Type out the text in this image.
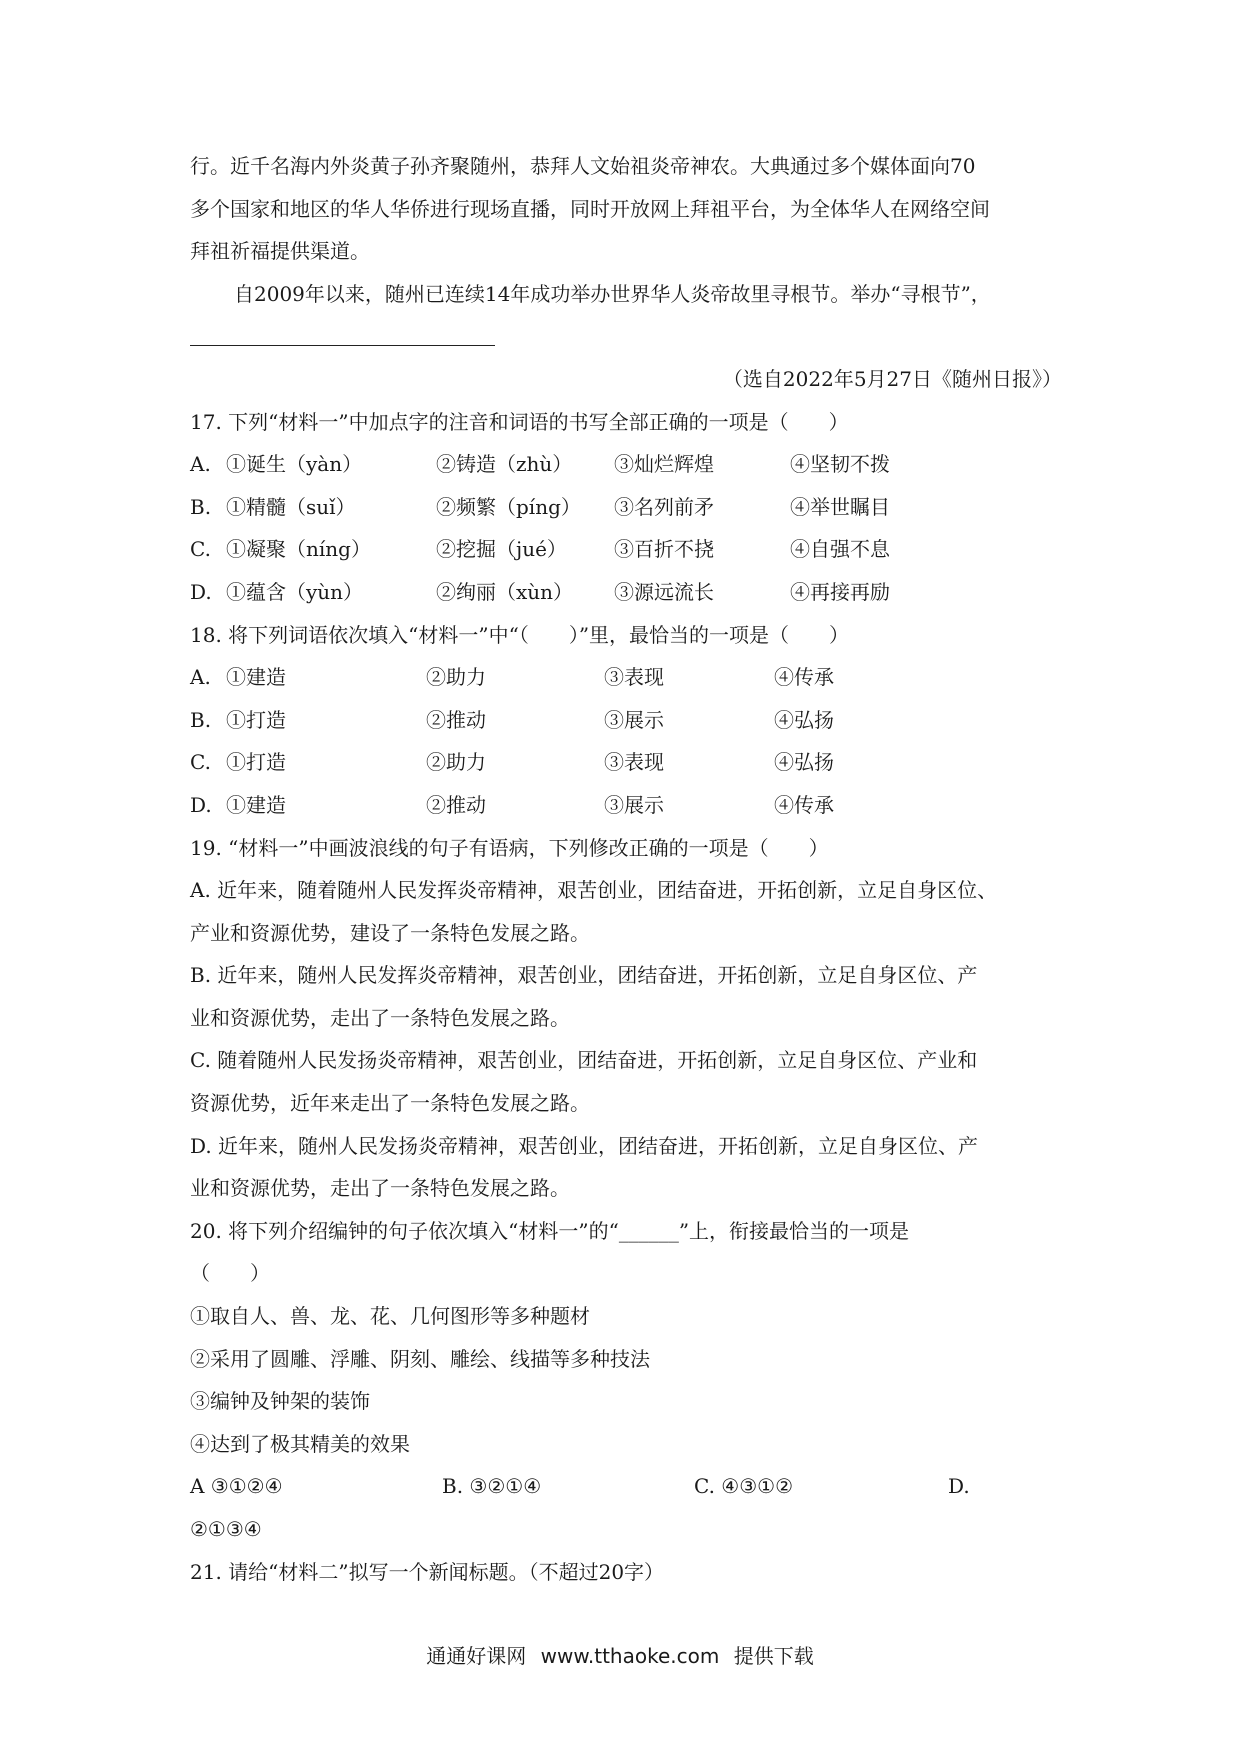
行。近千名海内外炎黄子孙齐聚随州，恭拜人文始祖炎帝神农。大典通过多个媒体面向70
多个国家和地区的华人华侨进行现场直播，同时开放网上拜祖平台，为全体华人在网络空间
拜祖祈福提供渠道。
自2009年以来，随州已连续14年成功举办世界华人炎帝故里寻根节。举办“寻根节”，
（选自2022年5月27日《随州日报》）
17. 下列“材料一”中加点字的注音和词语的书写全部正确的一项是（　　）
A. ①诞生（yàn）	②铸造（zhù）	③灿烂辉煌	④坚韧不拨
B. ①精髓（suǐ）	②频繁（píng）	③名列前矛	④举世瞩目
C. ①凝聚（níng）	②挖掘（jué）	③百折不挠	④自强不息
D. ①蕴含（yùn）	②绚丽（xùn）	③源远流长	④再接再励
18. 将下列词语依次填入“材料一”中“（　　）”里，最恰当的一项是（　　）
A. ①建造	②助力	③表现	④传承
B. ①打造	②推动	③展示	④弘扬
C. ①打造	②助力	③表现	④弘扬
D. ①建造	②推动	③展示	④传承
19. “材料一”中画波浪线的句子有语病，下列修改正确的一项是（　　）
A. 近年来，随着随州人民发挥炎帝精神，艰苦创业，团结奋进，开拓创新，立足自身区位、
产业和资源优势，建设了一条特色发展之路。
B. 近年来，随州人民发挥炎帝精神，艰苦创业，团结奋进，开拓创新，立足自身区位、产
业和资源优势，走出了一条特色发展之路。
C. 随着随州人民发扬炎帝精神，艰苦创业，团结奋进，开拓创新，立足自身区位、产业和
资源优势，近年来走出了一条特色发展之路。
D. 近年来，随州人民发扬炎帝精神，艰苦创业，团结奋进，开拓创新，立足自身区位、产
业和资源优势，走出了一条特色发展之路。
20. 将下列介绍编钟的句子依次填入“材料一”的“______”上，衔接最恰当的一项是
（　　）
①取自人、兽、龙、花、几何图形等多种题材
②采用了圆雕、浮雕、阴刻、雕绘、线描等多种技法
③编钟及钟架的装饰
④达到了极其精美的效果
A ③①②④	B. ③②①④	C. ④③①②	D.
②①③④
21. 请给“材料二”拟写一个新闻标题。（不超过20字）
通通好课网 www.tthaoke.com 提供下载
